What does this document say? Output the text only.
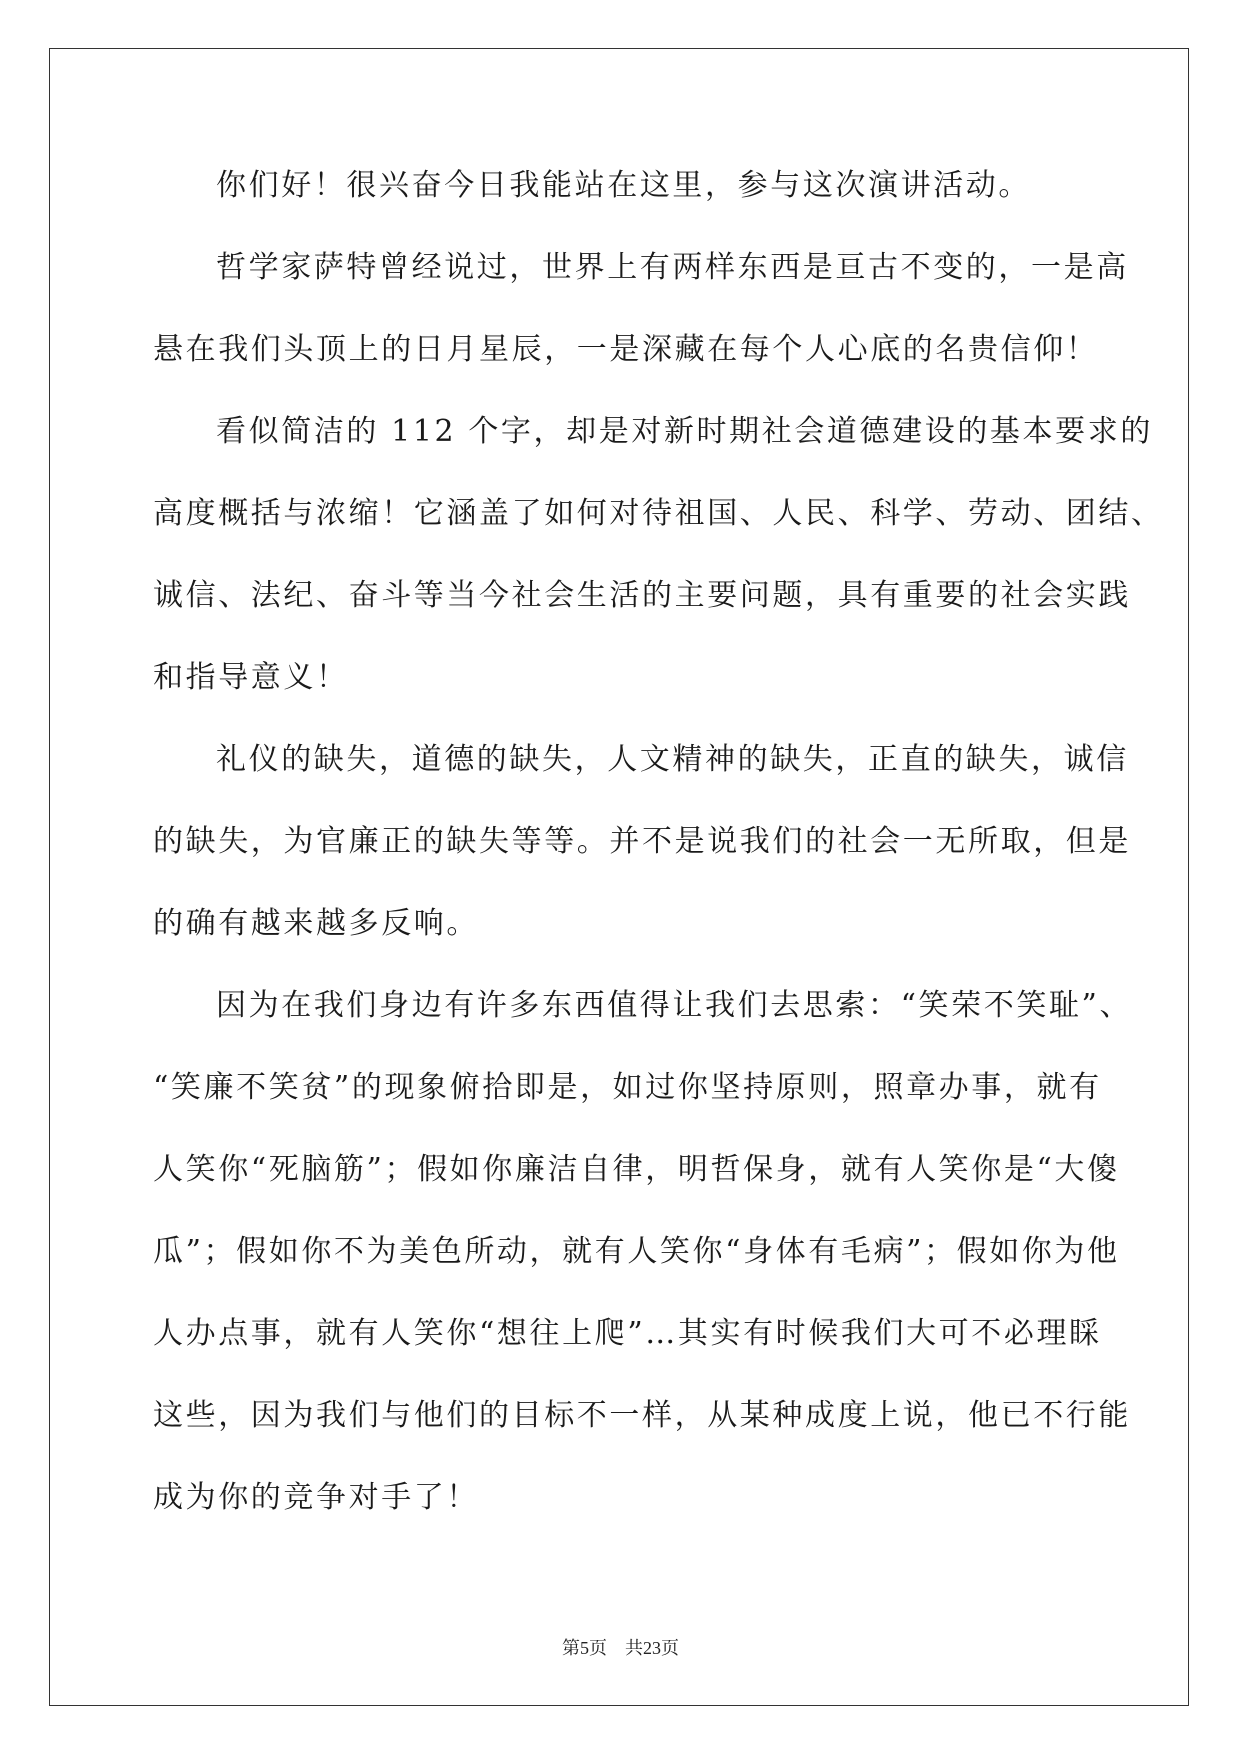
你们好！很兴奋今日我能站在这里，参与这次演讲活动。
哲学家萨特曾经说过，世界上有两样东西是亘古不变的，一是高
悬在我们头顶上的日月星辰，一是深藏在每个人心底的名贵信仰！
看似简洁的 112 个字，却是对新时期社会道德建设的基本要求的
高度概括与浓缩！它涵盖了如何对待祖国、人民、科学、劳动、团结、
诚信、法纪、奋斗等当今社会生活的主要问题，具有重要的社会实践
和指导意义！
礼仪的缺失，道德的缺失，人文精神的缺失，正直的缺失，诚信
的缺失，为官廉正的缺失等等。并不是说我们的社会一无所取，但是
的确有越来越多反响。
因为在我们身边有许多东西值得让我们去思索：“笑荣不笑耻”、
“笑廉不笑贫”的现象俯拾即是，如过你坚持原则，照章办事，就有
人笑你“死脑筋”；假如你廉洁自律，明哲保身，就有人笑你是“大傻
瓜”；假如你不为美色所动，就有人笑你“身体有毛病”；假如你为他
人办点事，就有人笑你“想往上爬”…其实有时候我们大可不必理睬
这些，因为我们与他们的目标不一样，从某种成度上说，他已不行能
成为你的竞争对手了！
第5页　共23页
